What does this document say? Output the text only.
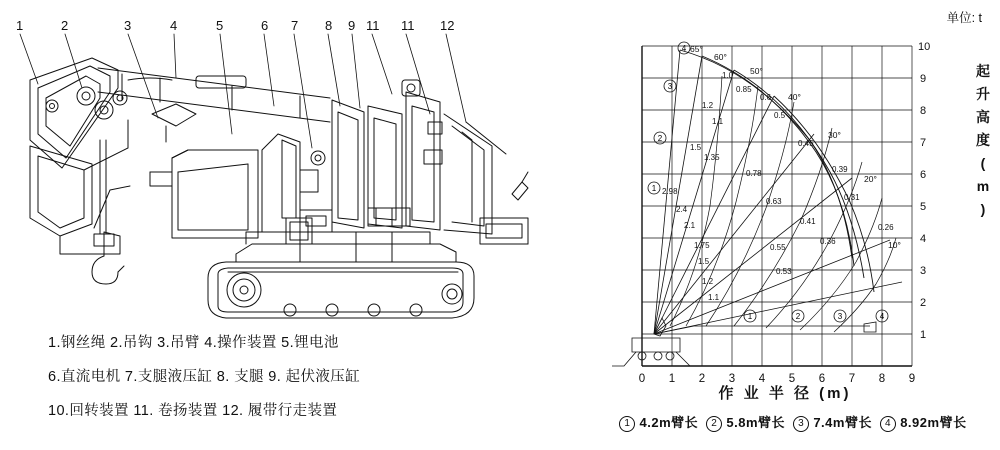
1	2	3	4	5	6 7 8 9 11 11 12
1.钢丝绳 2.吊钩 3.吊臂 4.操作装置 5.锂电池
6.直流电机 7.支腿液压缸 8. 支腿 9. 起伏液压缸
10.回转装置 11. 卷扬装置 12. 履带行走装置
单位: t
10
9
8
7
6
5
4
3
2
1
0 1 2 3 4 5 6 7 8 9
65°
60°
50°
40°
30°
20°
10°
1.0
0.85
1.2
0.6
1.1
0.5
1.5
1.35
0.45
0.78	0.39
2.98
2.4
0.63	0.31
2.1
1.75
0.41
0.26
1.5
0.55
0.36
1.2
0.53
1.1
4
3
2
1
1	2	3	4
起
升
高
度
(
m
)
作 业 半 径 (m)
1 4.2m臂长 2 5.8m臂长 3 7.4m臂长 4 8.92m臂长
